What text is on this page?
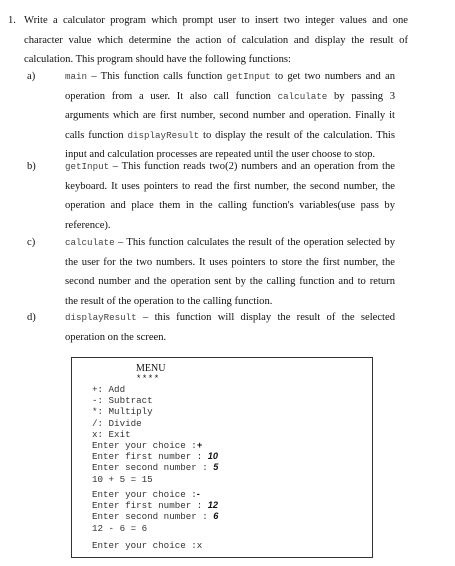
1. Write a calculator program which prompt user to insert two integer values and one character value which determine the action of calculation and display the result of calculation. This program should have the following functions:
a)	main – This function calls function getInput to get two numbers and an operation from a user. It also call function calculate by passing 3 arguments which are first number, second number and operation. Finally it calls function displayResult to display the result of the calculation. This input and calculation processes are repeated until the user choose to stop.
b)	getInput – This function reads two(2) numbers and an operation from the keyboard. It uses pointers to read the first number, the second number, the operation and place them in the calling function's variables(use pass by reference).
c)	calculate – This function calculates the result of the operation selected by the user for the two numbers. It uses pointers to store the first number, the second number and the operation sent by the calling function and to return the result of the operation to the calling function.
d)	displayResult – this function will display the result of the selected operation on the screen.
MENU
****
+: Add
-: Subtract
*: Multiply
/: Divide
x: Exit
Enter your choice :+
Enter first number : 10
Enter second number : 5
10 + 5 = 15
Enter your choice :-
Enter first number : 12
Enter second number : 6
12 - 6 = 6
Enter your choice :x
